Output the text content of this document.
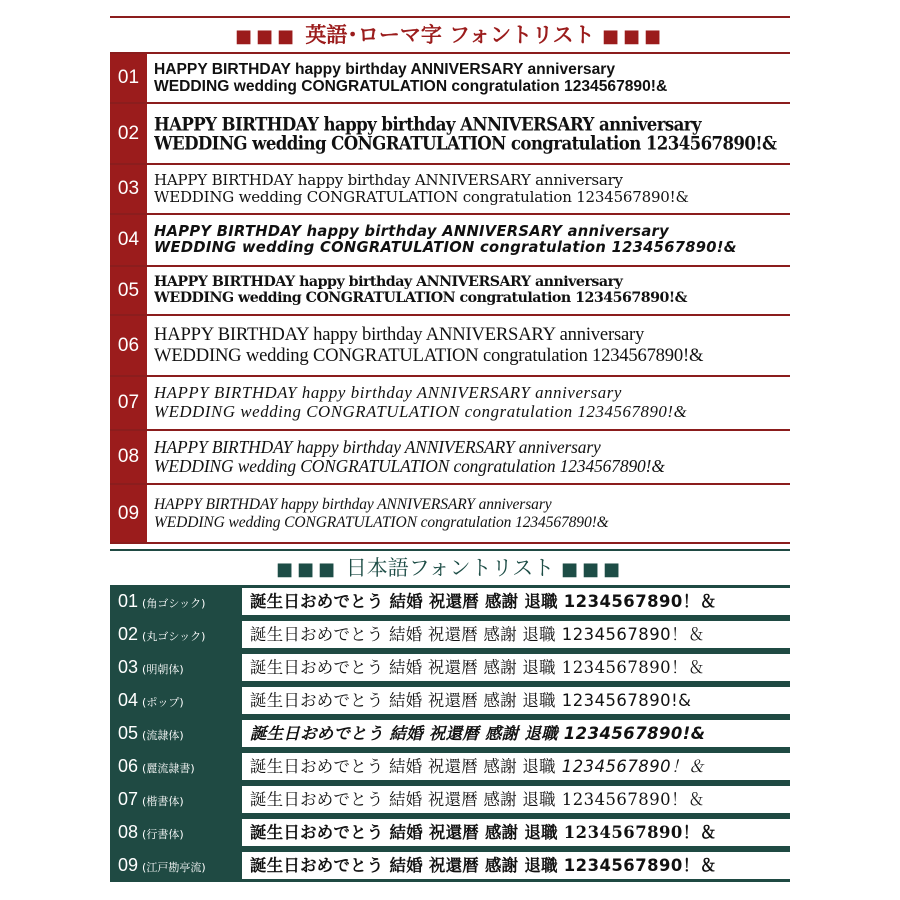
■■■ 英語･ローマ字 フォントリスト ■■■
01 HAPPY BIRTHDAY happy birthday ANNIVERSARY anniversary
WEDDING wedding CONGRATULATION congratulation 1234567890!&
02 HAPPY BIRTHDAY happy birthday ANNIVERSARY anniversary
WEDDING wedding CONGRATULATION congratulation 1234567890!&
03 HAPPY BIRTHDAY happy birthday ANNIVERSARY anniversary
WEDDING wedding CONGRATULATION congratulation 1234567890!&
04	HAPPY BIRTHDAY happy birthday ANNIVERSARY anniversary
WEDDING wedding CONGRATULATION congratulation 1234567890!&
05	HAPPY BIRTHDAY happy birthday ANNIVERSARY anniversary
WEDDING wedding CONGRATULATION congratulation 1234567890!&
06
HAPPY BIRTHDAY happy birthday ANNIVERSARY anniversary
WEDDING wedding CONGRATULATION congratulation 1234567890!&
07 HAPPY BIRTHDAY happy birthday ANNIVERSARY anniversary
WEDDING wedding CONGRATULATION congratulation 1234567890!&
08 HAPPY BIRTHDAY happy birthday ANNIVERSARY anniversary
WEDDING wedding CONGRATULATION congratulation 1234567890!&
09 HAPPY BIRTHDAY happy birthday ANNIVERSARY anniversary
WEDDING wedding CONGRATULATION congratulation 1234567890!&
■■■ 日本語フォントリスト ■■■
01 (角ゴシック)	誕生日おめでとう 結婚 祝還暦 感謝 退職 1234567890！＆
02 (丸ゴシック)	誕生日おめでとう 結婚 祝還暦 感謝 退職 1234567890！＆
03 (明朝体)	誕生日おめでとう 結婚 祝還暦 感謝 退職 1234567890！＆
04 (ポップ)	誕生日おめでとう 結婚 祝還暦 感謝 退職 1234567890!&
05 (流隷体)	誕生日おめでとう 結婚 祝還暦 感謝 退職 1234567890!&
06 (麗流隷書)	誕生日おめでとう 結婚 祝還暦 感謝 退職 1234567890！＆
07 (楷書体)	誕生日おめでとう 結婚 祝還暦 感謝 退職 1234567890！＆
08 (行書体)	誕生日おめでとう 結婚 祝還暦 感謝 退職 1234567890！＆
09 (江戸勘亭流)	誕生日おめでとう 結婚 祝還暦 感謝 退職 1234567890！＆
